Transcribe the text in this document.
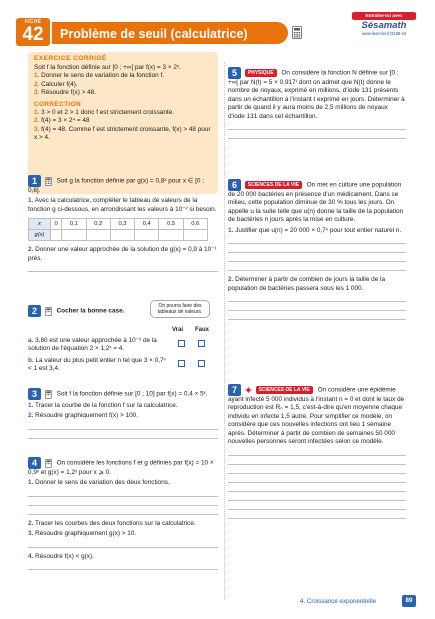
FICHE
42	Problème de seuil (calculatrice)
Entraîne-toi avec
Sésamath
www.lienmini.fr/3188-44
EXERCICE CORRIGÉ
Soit f la fonction définie sur [0 ; +∞[ par f(x) = 3 × 2ˣ.
1. Donner le sens de variation de la fonction f.
2. Calculer f(4).
3. Résoudre f(x) > 48.
CORRECTION
1. 3 > 0 et 2 > 1 donc f est strictement croissante.
2. f(4) = 3 × 2⁴ = 48
3. f(4) = 48. Comme f est strictement croissante, f(x) > 48 pour x > 4.
1	Soit g la fonction définie par g(x) = 0,8ˣ pour x ∈ [0 ; 0,6].
1. Avec la calculatrice, compléter le tableau de valeurs de la fonction g ci-dessous, en arrondissant les valeurs à 10⁻² si besoin.
x	0	0,1	0,2	0,3	0,4	0,5	0,6
g(x)							
2. Donner une valeur approchée de la solution de g(x) = 0,9 à 10⁻¹ près.
2	Cocher la bonne case.
On pourra faire des tableaux de valeurs.
Vrai Faux
a. 3,80 est une valeur approchée à 10⁻² de la solution de l'équation 2 × 1,2ˣ = 4.
b. La valeur du plus petit entier n tel que 3 × 0,7ⁿ < 1 est 3,4.
3	Soit f la fonction définie sur [0 ; 10] par f(x) = 0,4 × 5ˣ.
1. Tracer la courbe de la fonction f sur la calculatrice.
2. Résoudre graphiquement f(x) > 100.
4	On considère les fonctions f et g définies par f(x) = 10 × 0,9ˣ et g(x) = 1,2ˣ pour x ⩾ 0.
1. Donner le sens de variation des deux fonctions.
2. Tracer les courbes des deux fonctions sur la calculatrice.
3. Résoudre graphiquement g(x) > 10.
4. Résoudre f(x) < g(x).
5 PHYSIQUE On considère la fonction N définie sur [0 ; +∞[ par N(t) = 5 × 0,917ᵗ dont on admet que N(t) donne le nombre de noyaux, exprimé en millions, d'iode 131 présents dans un échantillon à l'instant t exprimé en jours. Déterminer à partir de quand il y aura moins de 2,5 millions de noyaux d'iode 131 dans cet échantillon.
6 SCIENCES DE LA VIE On met en culture une population de 20 000 bactéries en présence d'un médicament. Dans ce milieu, cette population diminue de 30 % tous les jours. On appelle u la suite telle que u(n) donne la taille de la population de bactéries n jours après la mise en culture.
1. Justifier que u(n) = 20 000 × 0,7ⁿ pour tout entier naturel n.
2. Déterminer à partir de combien de jours la taille de la population de bactéries passera sous les 1 000.
7	SCIENCES DE LA VIE On considère une épidémie ayant infecté 5 000 individus à l'instant n = 0 et dont le taux de reproduction est R₀ = 1,5, c'est-à-dire qu'en moyenne chaque individu en infecte 1,5 autre. Pour simplifier ce modèle, on considère que ces nouvelles infections ont lieu 1 semaine après. Déterminer à partir de combien de semaines 50 000 nouvelles personnes seront infectées selon ce modèle.
4. Croissance exponentielle	89
